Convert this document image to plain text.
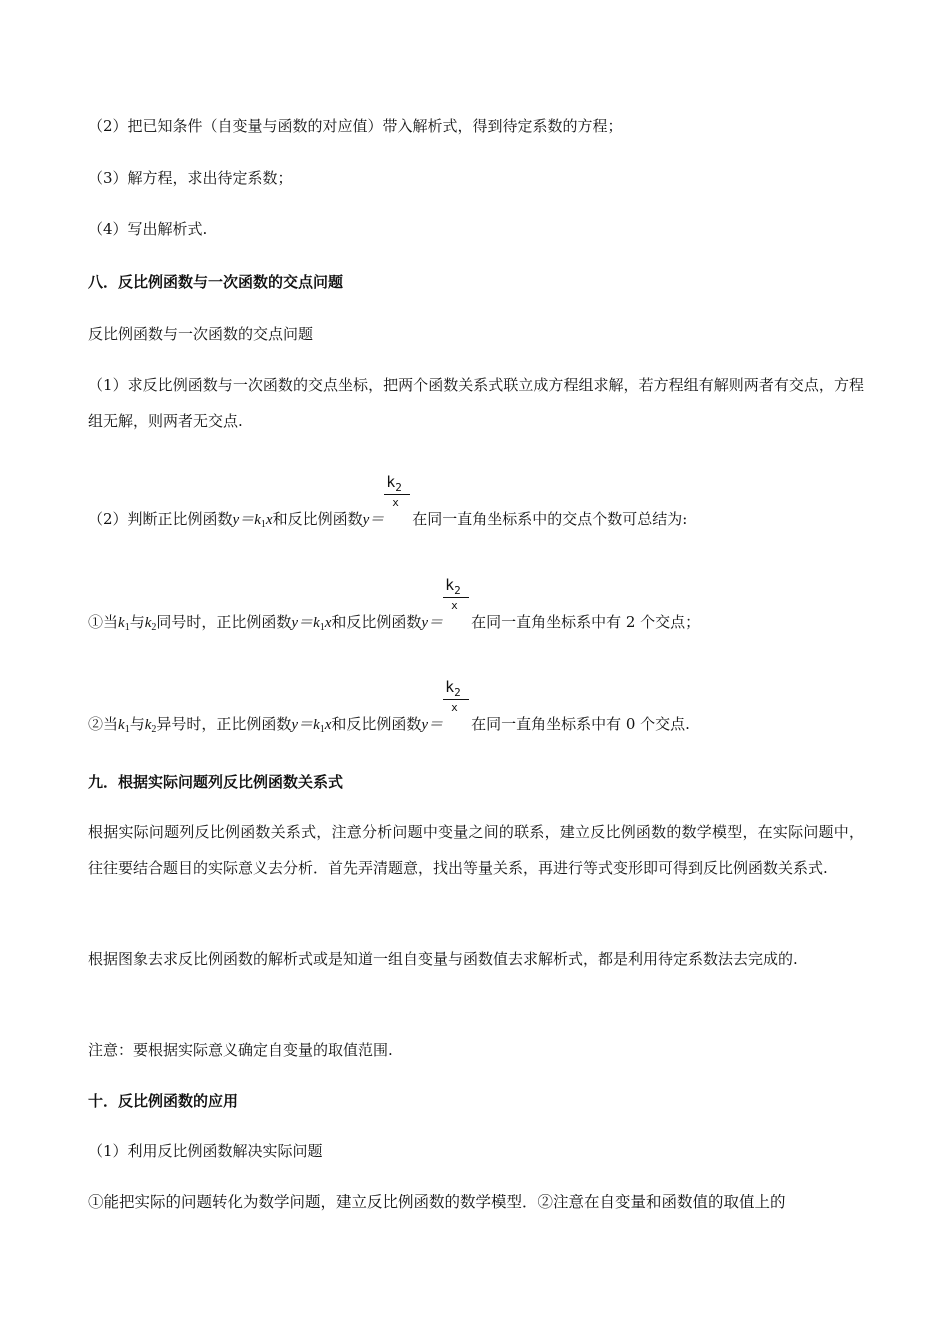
（2）把已知条件（自变量与函数的对应值）带入解析式，得到待定系数的方程；
（3）解方程，求出待定系数；
（4）写出解析式.
八．反比例函数与一次函数的交点问题
反比例函数与一次函数的交点问题
（1）求反比例函数与一次函数的交点坐标，把两个函数关系式联立成方程组求解，若方程组有解则两者有交点，方程组无解，则两者无交点.
（2）判断正比例函数$y=k_1x$和反比例函数$y= \frac{k_2}{x}$ 在同一直角坐标系中的交点个数可总结为:
①当$k_1$与$k_2$同号时，正比例函数$y=k_1x$和反比例函数$y= \frac{k_2}{x}$ 在同一直角坐标系中有 2 个交点；
②当$k_1$与$k_2$异号时，正比例函数$y=k_1x$和反比例函数$y= \frac{k_2}{x}$ 在同一直角坐标系中有 0 个交点.
九．根据实际问题列反比例函数关系式
根据实际问题列反比例函数关系式，注意分析问题中变量之间的联系，建立反比例函数的数学模型，在实际问题中，往往要结合题目的实际意义去分析．首先弄清题意，找出等量关系，再进行等式变形即可得到反比例函数关系式.
根据图象去求反比例函数的解析式或是知道一组自变量与函数值去求解析式，都是利用待定系数法去完成的.
注意：要根据实际意义确定自变量的取值范围.
十．反比例函数的应用
（1）利用反比例函数解决实际问题
①能把实际的问题转化为数学问题，建立反比例函数的数学模型．②注意在自变量和函数值的取值上的
